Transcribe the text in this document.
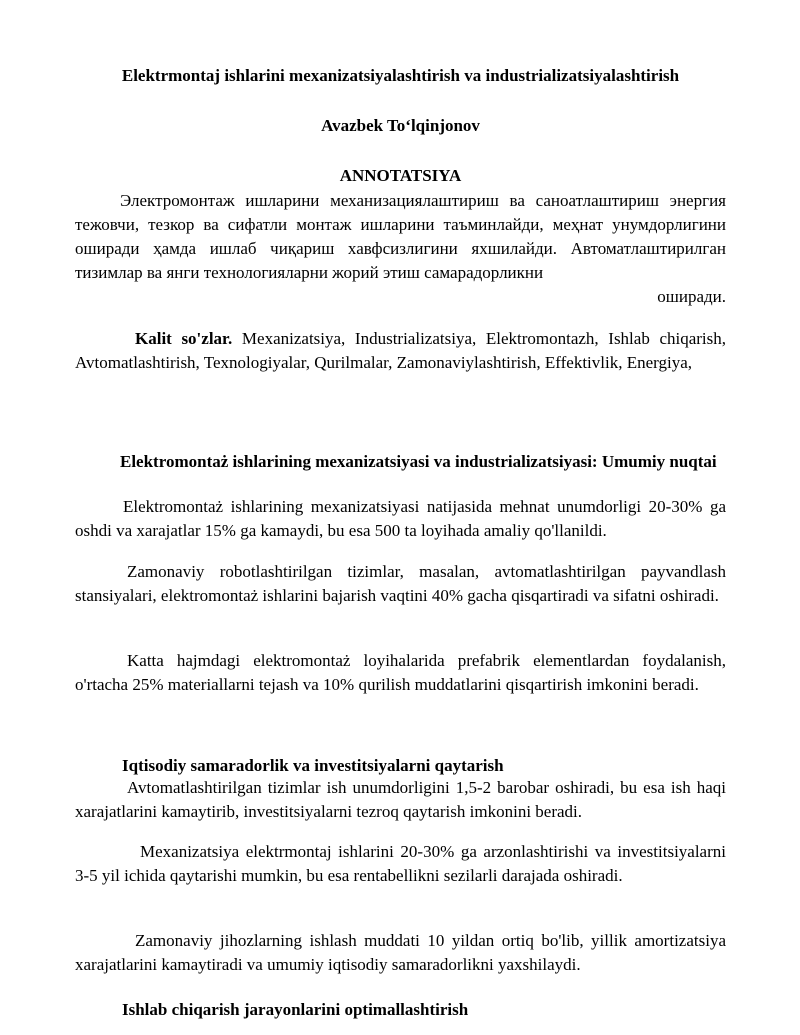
Elektrmontaj ishlarini mexanizatsiyalashtirish va industrializatsiyalashtirish
Avazbek To‘lqinjonov
ANNOTATSIYA

Электромонтаж ишларини механизациялаштириш ва саноатлаштириш энергия тежовчи, тезкор ва сифатли монтаж ишларини таъминлайди, меҳнат унумдорлигини оширади ҳамда ишлаб чиқариш хавфсизлигини яхшилайди. Автоматлаштирилган тизимлар ва янги технологияларни жорий этиш самарадорликни

оширади.

Kalit so'zlar. Mexanizatsiya, Industrializatsiya, Elektromontazh, Ishlab chiqarish, Avtomatlashtirish, Texnologiyalar, Qurilmalar, Zamonaviylashtirish, Effektivlik, Energiya,

Elektromontaż ishlarining mexanizatsiyasi va industrializatsiyasi: Umumiy nuqtai

Elektromontaż ishlarining mexanizatsiyasi natijasida mehnat unumdorligi 20-30% ga oshdi va xarajatlar 15% ga kamaydi, bu esa 500 ta loyihada amaliy qo'llanildi.

Zamonaviy robotlashtirilgan tizimlar, masalan, avtomatlashtirilgan payvandlash stansiyalari, elektromontaż ishlarini bajarish vaqtini 40% gacha qisqartiradi va sifatni oshiradi.

Katta hajmdagi elektromontaż loyihalarida prefabrik elementlardan foydalanish, o'rtacha 25% materiallarni tejash va 10% qurilish muddatlarini qisqartirish imkonini beradi.

Iqtisodiy samaradorlik va investitsiyalarni qaytarish

Avtomatlashtirilgan tizimlar ish unumdorligini 1,5-2 barobar oshiradi, bu esa ish haqi xarajatlarini kamaytirib, investitsiyalarni tezroq qaytarish imkonini beradi.

Mexanizatsiya elektrmontaj ishlarini 20-30% ga arzonlashtirishi va investitsiyalarni 3-5 yil ichida qaytarishi mumkin, bu esa rentabellikni sezilarli darajada oshiradi.

Zamonaviy jihozlarning ishlash muddati 10 yildan ortiq bo'lib, yillik amortizatsiya xarajatlarini kamaytiradi va umumiy iqtisodiy samaradorlikni yaxshilaydi.

Ishlab chiqarish jarayonlarini optimallashtirish
